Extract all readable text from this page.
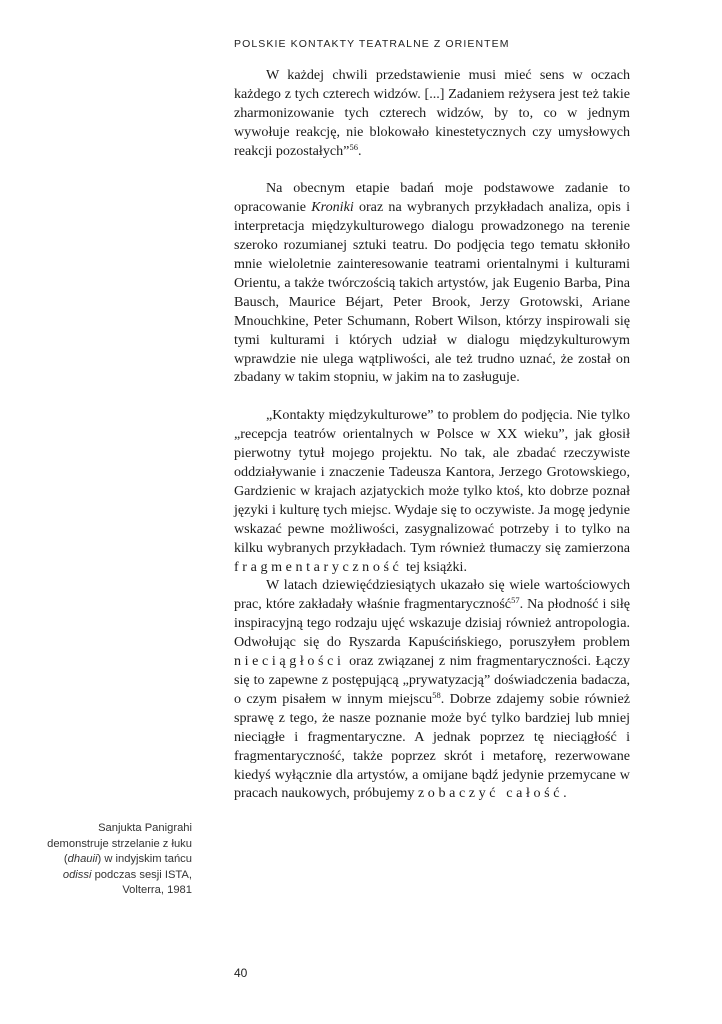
POLSKIE KONTAKTY TEATRALNE Z ORIENTEM

W każdej chwili przedstawienie musi mieć sens w oczach każdego z tych czterech widzów. [...] Zadaniem reżysera jest też takie zharmonizowanie tych czterech widzów, by to, co w jednym wywołuje reakcję, nie blokowało kinestetycznych czy umysłowych reakcji pozostałych”$^{56}$.

Na obecnym etapie badań moje podstawowe zadanie to opracowanie Kroniki oraz na wybranych przykładach analiza, opis i interpretacja międzykulturowego dialogu prowadzonego na terenie szeroko rozumianej sztuki teatru. Do podjęcia tego tematu skłoniło mnie wieloletnie zainteresowanie teatrami orientalnymi i kulturami Orientu, a także twórczością takich artystów, jak Eugenio Barba, Pina Bausch, Maurice Béjart, Peter Brook, Jerzy Grotowski, Ariane Mnouchkine, Peter Schumann, Robert Wilson, którzy inspirowali się tymi kulturami i których udział w dialogu międzykulturowym wprawdzie nie ulega wątpliwości, ale też trudno uznać, że został on zbadany w takim stopniu, w jakim na to zasługuje.

„Kontakty międzykulturowe” to problem do podjęcia. Nie tylko „recepcja teatrów orientalnych w Polsce w XX wieku”, jak głosił pierwotny tytuł mojego projektu. No tak, ale zbadać rzeczywiste oddziaływanie i znaczenie Tadeusza Kantora, Jerzego Grotowskiego, Gardzienic w krajach azjatyckich może tylko ktoś, kto dobrze poznał języki i kulturę tych miejsc. Wydaje się to oczywiste. Ja mogę jedynie wskazać pewne możliwości, zasygnalizować potrzeby i to tylko na kilku wybranych przykładach. Tym również tłumaczy się zamierzona fragmentaryczność tej książki.

W latach dziewięćdziesiątych ukazało się wiele wartościowych prac, które zakładały właśnie fragmentaryczność$^{57}$. Na płodność i siłę inspiracyjną tego rodzaju ujęć wskazuje dzisiaj również antropologia. Odwołując się do Ryszarda Kapuścińskiego, poruszyłem problem nieciągłości oraz związanej z nim fragmentaryczności. Łączy się to zapewne z postępującą „prywatyzacją” doświadczenia badacza, o czym pisałem w innym miejscu$^{58}$. Dobrze zdajemy sobie również sprawę z tego, że nasze poznanie może być tylko bardziej lub mniej nieciągłe i fragmentaryczne. A jednak poprzez tę nieciągłość i fragmentaryczność, także poprzez skrót i metaforę, rezerwowane kiedyś wyłącznie dla artystów, a omijane bądź jedynie przemycane w pracach naukowych, próbujemy zobaczyć całość.

Sanjukta Panigrahi demonstruje strzelanie z łuku (dhauii) w indyjskim tańcu odissi podczas sesji ISTA, Volterra, 1981
40
